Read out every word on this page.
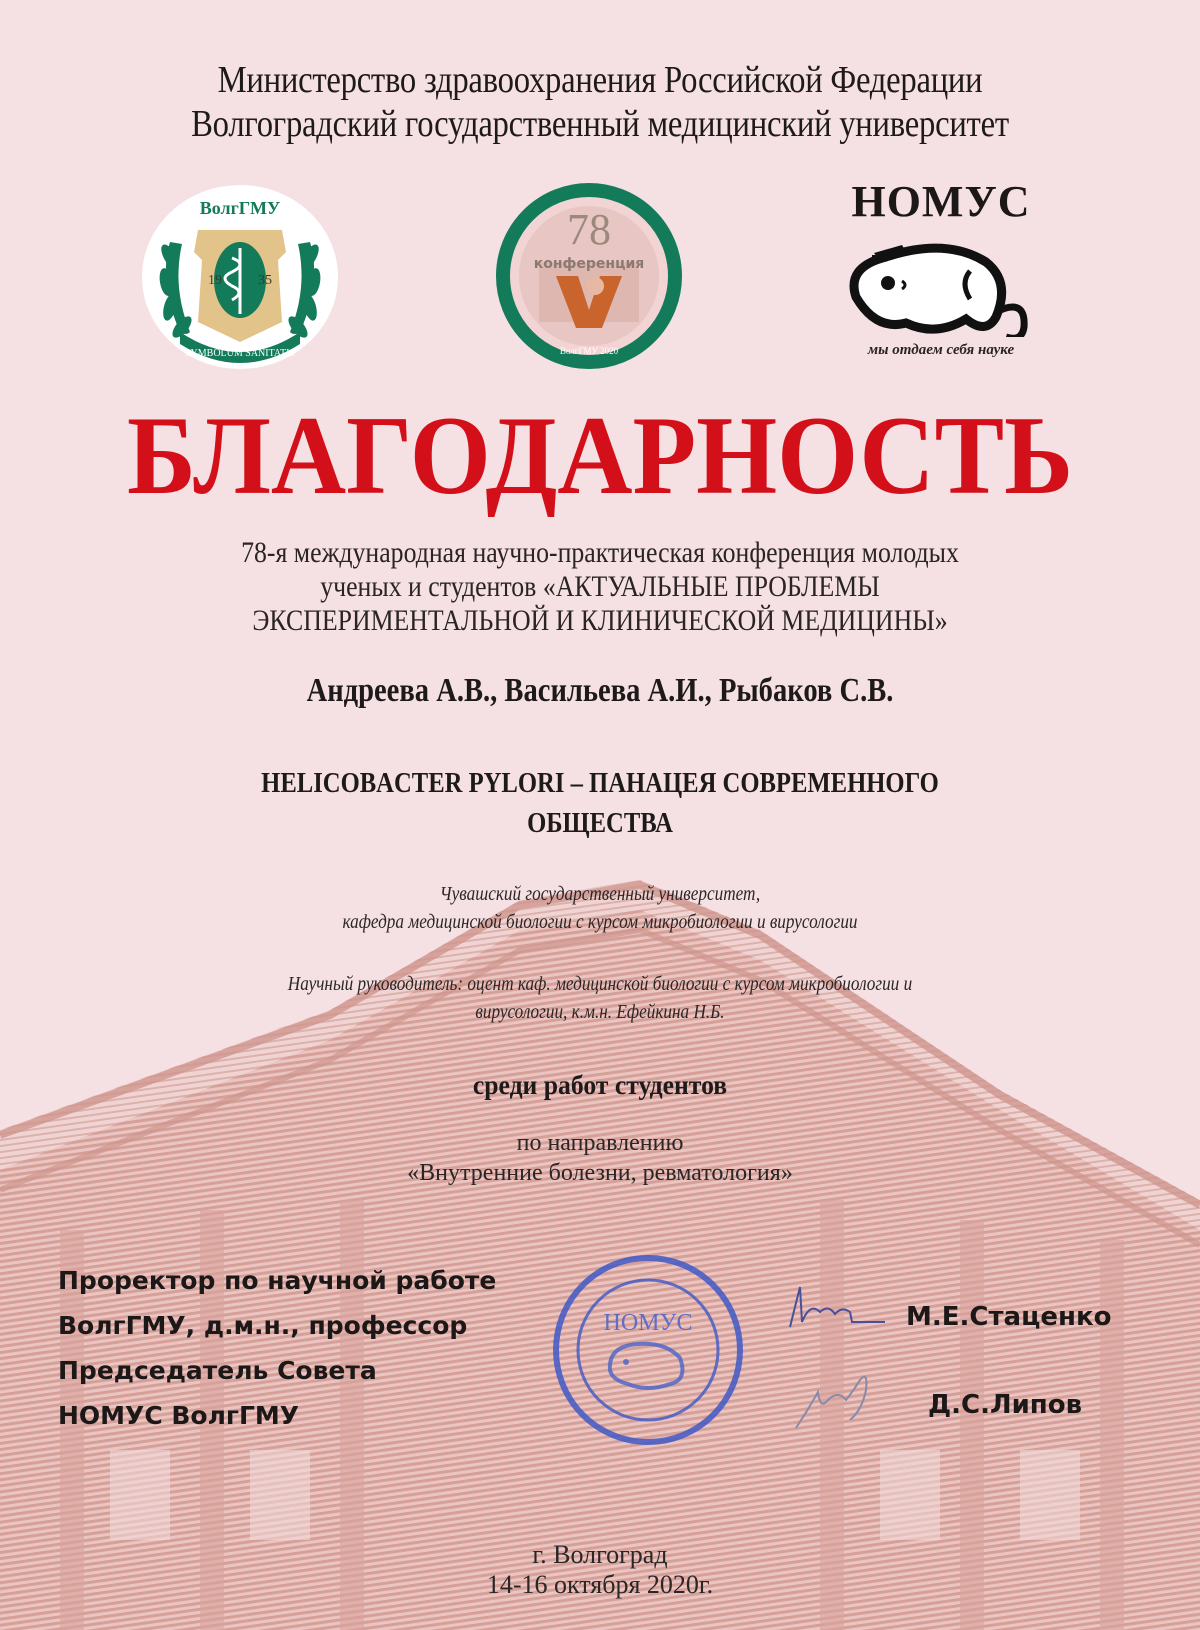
Министерство здравоохранения Российской Федерации
Волгоградский государственный медицинский университет
19	35
ВолгГМУ
SYMBOLUM SANITATIS
78
конференция
ВолгГМУ 2020
НОМУС
мы отдаем себя науке
БЛАГОДАРНОСТЬ
78-я международная научно-практическая конференция молодых
ученых и студентов «АКТУАЛЬНЫЕ ПРОБЛЕМЫ
ЭКСПЕРИМЕНТАЛЬНОЙ И КЛИНИЧЕСКОЙ МЕДИЦИНЫ»
Андреева А.В., Васильева А.И., Рыбаков С.В.
HELICOBACTER PYLORI – ПАНАЦЕЯ СОВРЕМЕННОГО
ОБЩЕСТВА
Чувашский государственный университет,
кафедра медицинской биологии с курсом микробиологии и вирусологии
Научный руководитель: оцент каф. медицинской биологии с курсом микробиологии и
вирусологии, к.м.н. Ефейкина Н.Б.
среди работ студентов
по направлению
«Внутренние болезни, ревматология»
Проректор по научной работе
ВолгГМУ, д.м.н., профессор
Председатель Совета
НОМУС ВолгГМУ
НОМУС	М.Е.Стаценко
Д.С.Липов
г. Волгоград
14-16 октября 2020г.
